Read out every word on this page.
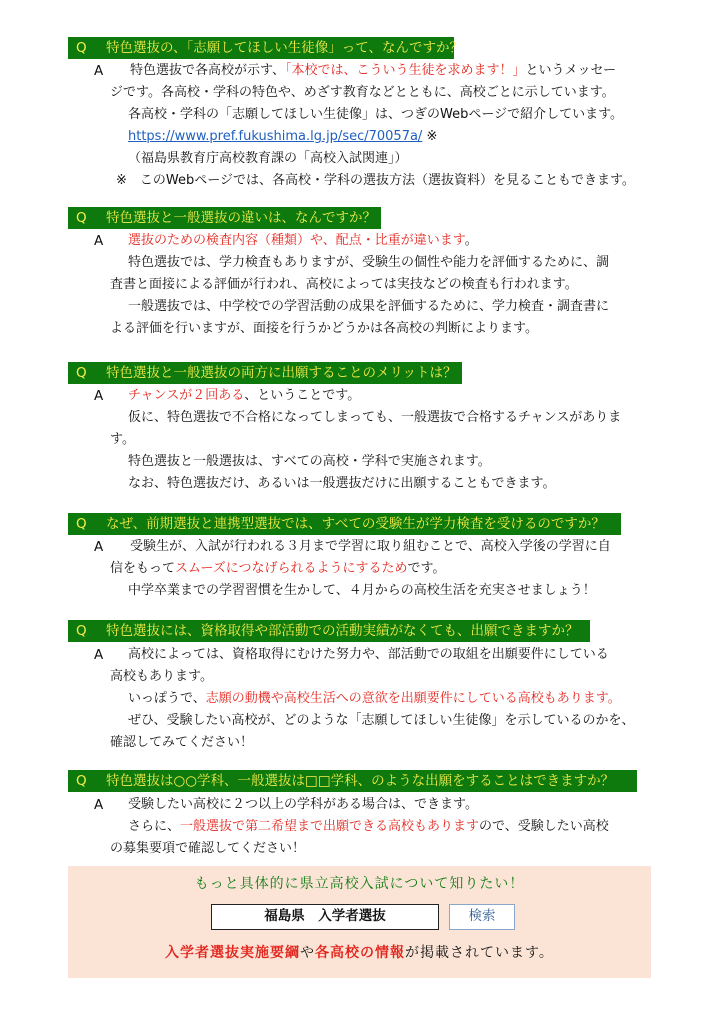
Q 特色選抜の、「志願してほしい生徒像」って、なんですか？
A 特色選抜で各高校が示す、「本校では、こういう生徒を求めます！」というメッセー
ジです。各高校・学科の特色や、めざす教育などとともに、高校ごとに示しています。
各高校・学科の「志願してほしい生徒像」は、つぎのWebページで紹介しています。
https://www.pref.fukushima.lg.jp/sec/70057a/ ※
（福島県教育庁高校教育課の「高校入試関連」）
※　このWebページでは、各高校・学科の選抜方法（選抜資料）を見ることもできます。
Q 特色選抜と一般選抜の違いは、なんですか？
A 選抜のための検査内容（種類）や、配点・比重が違います。
特色選抜では、学力検査もありますが、受験生の個性や能力を評価するために、調
査書と面接による評価が行われ、高校によっては実技などの検査も行われます。
一般選抜では、中学校での学習活動の成果を評価するために、学力検査・調査書に
よる評価を行いますが、面接を行うかどうかは各高校の判断によります。
Q 特色選抜と一般選抜の両方に出願することのメリットは？
A チャンスが２回ある、ということです。
仮に、特色選抜で不合格になってしまっても、一般選抜で合格するチャンスがありま
す。
特色選抜と一般選抜は、すべての高校・学科で実施されます。
なお、特色選抜だけ、あるいは一般選抜だけに出願することもできます。
Q なぜ、前期選抜と連携型選抜では、すべての受験生が学力検査を受けるのですか？
A 受験生が、入試が行われる３月まで学習に取り組むことで、高校入学後の学習に自
信をもってスムーズにつなげられるようにするためです。
中学卒業までの学習習慣を生かして、４月からの高校生活を充実させましょう！
Q 特色選抜には、資格取得や部活動での活動実績がなくても、出願できますか？
A 高校によっては、資格取得にむけた努力や、部活動での取組を出願要件にしている
高校もあります。
いっぽうで、志願の動機や高校生活への意欲を出願要件にしている高校もあります。
ぜひ、受験したい高校が、どのような「志願してほしい生徒像」を示しているのかを、
確認してみてください！
Q 特色選抜は○○学科、一般選抜は□□学科、のような出願をすることはできますか？
A 受験したい高校に２つ以上の学科がある場合は、できます。
さらに、一般選抜で第二希望まで出願できる高校もありますので、受験したい高校
の募集要項で確認してください！
もっと具体的に県立高校入試について知りたい！
福島県　入学者選抜	検索
入学者選抜実施要綱や各高校の情報が掲載されています。
